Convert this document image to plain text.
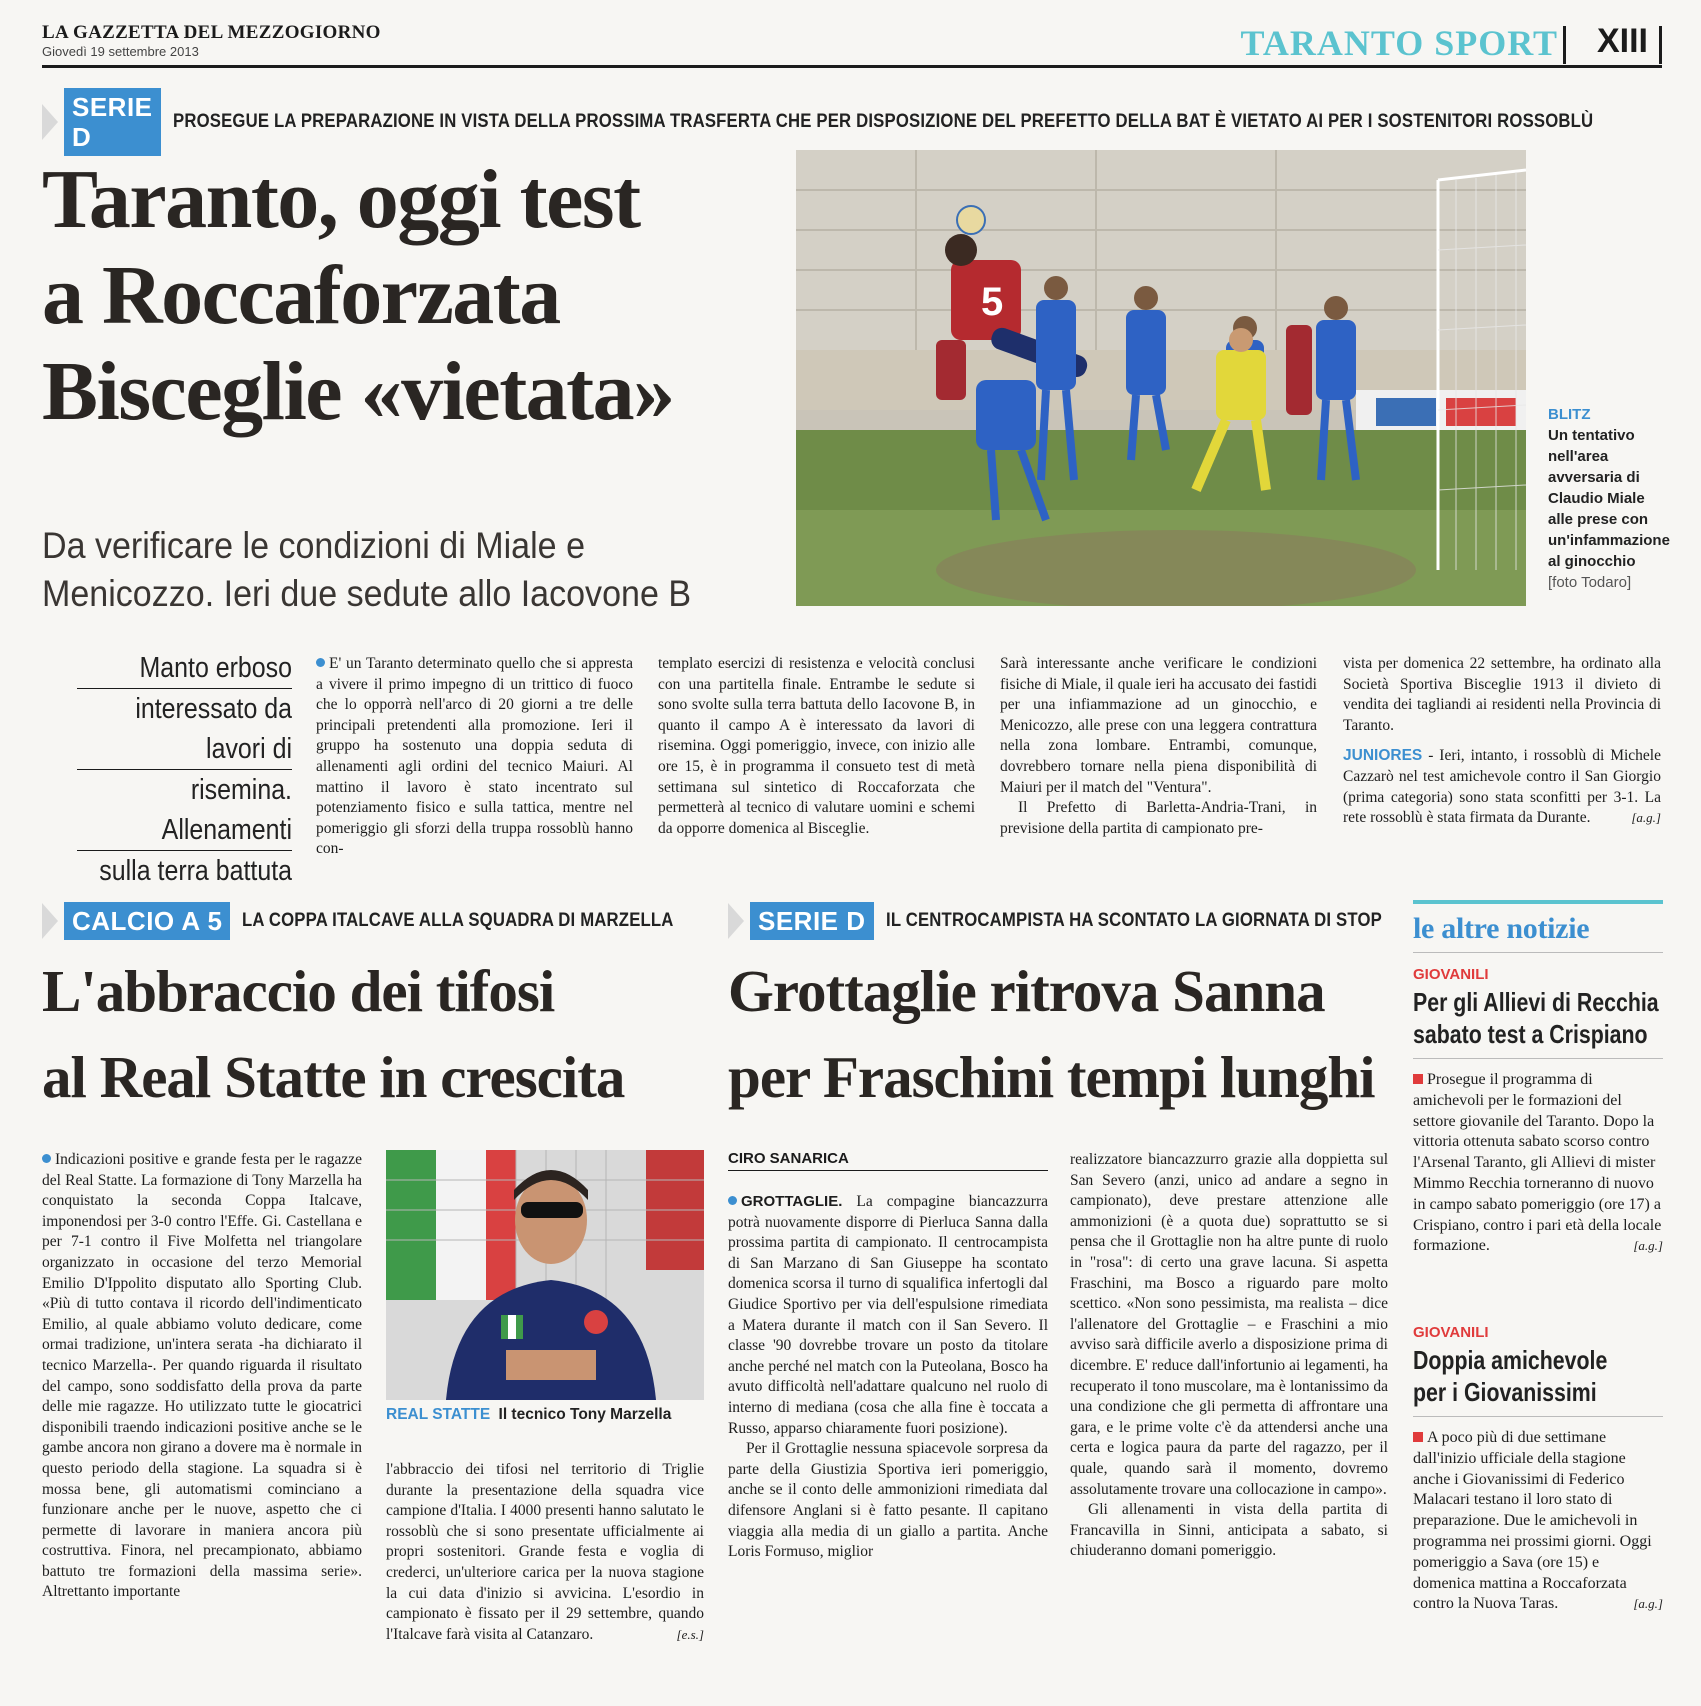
LA GAZZETTA DEL MEZZOGIORNO
Giovedì 19 settembre 2013	TARANTO SPORT XIII
SERIE D
PROSEGUE LA PREPARAZIONE IN VISTA DELLA PROSSIMA TRASFERTA CHE PER DISPOSIZIONE DEL PREFETTO DELLA BAT È VIETATO AI PER I SOSTENITORI ROSSOBLÙ
Taranto, oggi test
a Roccaforzata
Bisceglie «vietata»
Da verificare le condizioni di Miale e
Menicozzo. Ieri due sedute allo Iacovone B
5
BLITZ
Un tentativo nell'area avversaria di Claudio Miale alle prese con un'infammazione al ginocchio [foto Todaro]
Manto erboso
interessato da lavori di
risemina. Allenamenti
sulla terra battuta

E' un Taranto determinato quello che si appresta a vivere il primo impegno di un trittico di fuoco che lo opporrà nell'arco di 20 giorni a tre delle principali pretendenti alla promozione. Ieri il gruppo ha sostenuto una doppia seduta di allenamenti agli ordini del tecnico Maiuri. Al mattino il lavoro è stato incentrato sul potenziamento fisico e sulla tattica, mentre nel pomeriggio gli sforzi della truppa rossoblù hanno con-

templato esercizi di resistenza e velocità conclusi con una partitella finale. Entrambe le sedute si sono svolte sulla terra battuta dello Iacovone B, in quanto il campo A è interessato da lavori di risemina. Oggi pomeriggio, invece, con inizio alle ore 15, è in programma il consueto test di metà settimana sul sintetico di Roccaforzata che permetterà al tecnico di valutare uomini e schemi da opporre domenica al Bisceglie.

Sarà interessante anche verificare le condizioni fisiche di Miale, il quale ieri ha accusato dei fastidi per una infiammazione ad un ginocchio, e Menicozzo, alle prese con una leggera contrattura nella zona lombare. Entrambi, comunque, dovrebbero tornare nella piena disponibilità di Maiuri per il match del "Ventura".

Il Prefetto di Barletta-Andria-Trani, in previsione della partita di campionato pre-

vista per domenica 22 settembre, ha ordinato alla Società Sportiva Bisceglie 1913 il divieto di vendita dei tagliandi ai residenti nella Provincia di Taranto.

JUNIORES - Ieri, intanto, i rossoblù di Michele Cazzarò nel test amichevole contro il San Giorgio (prima categoria) sono stata sconfitti per 3-1. La rete rossoblù è stata firmata da Durante.	[a.g.]

CALCIO A 5	LA COPPA ITALCAVE ALLA SQUADRA DI MARZELLA
L'abbraccio dei tifosi
al Real Statte in crescita

Indicazioni positive e grande festa per le ragazze del Real Statte. La formazione di Tony Marzella ha conquistato la seconda Coppa Italcave, imponendosi per 3-0 contro l'Effe. Gi. Castellana e per 7-1 contro il Five Molfetta nel triangolare organizzato in occasione del terzo Memorial Emilio D'Ippolito disputato allo Sporting Club. «Più di tutto contava il ricordo dell'indimenticato Emilio, al quale abbiamo voluto dedicare, come ormai tradizione, un'intera serata -ha dichiarato il tecnico Marzella-. Per quando riguarda il risultato del campo, sono soddisfatto della prova da parte delle mie ragazze. Ho utilizzato tutte le giocatrici disponibili traendo indicazioni positive anche se le gambe ancora non girano a dovere ma è normale in questo periodo della stagione. La squadra si è mossa bene, gli automatismi cominciano a funzionare anche per le nuove, aspetto che ci permette di lavorare in maniera ancora più costruttiva. Finora, nel precampionato, abbiamo battuto tre formazioni della massima serie». Altrettanto importante

REAL STATTE Il tecnico Tony Marzella

l'abbraccio dei tifosi nel territorio di Triglie durante la presentazione della squadra vice campione d'Italia. I 4000 presenti hanno salutato le rossoblù che si sono presentate ufficialmente ai propri sostenitori. Grande festa e voglia di crederci, un'ulteriore carica per la nuova stagione la cui data d'inizio si avvicina. L'esordio in campionato è fissato per il 29 settembre, quando l'Italcave farà visita al Catanzaro.	[e.s.]

SERIE D	IL CENTROCAMPISTA HA SCONTATO LA GIORNATA DI STOP
Grottaglie ritrova Sanna
per Fraschini tempi lunghi
CIRO SANARICA

GROTTAGLIE. La compagine biancazzurra potrà nuovamente disporre di Pierluca Sanna dalla prossima partita di campionato. Il centrocampista di San Marzano di San Giuseppe ha scontato domenica scorsa il turno di squalifica infertogli dal Giudice Sportivo per via dell'espulsione rimediata a Matera durante il match con il San Severo. Il classe '90 dovrebbe trovare un posto da titolare anche perché nel match con la Puteolana, Bosco ha avuto difficoltà nell'adattare qualcuno nel ruolo di interno di mediana (cosa che alla fine è toccata a Russo, apparso chiaramente fuori posizione).

Per il Grottaglie nessuna spiacevole sorpresa da parte della Giustizia Sportiva ieri pomeriggio, anche se il conto delle ammonizioni rimediata dal difensore Anglani si è fatto pesante. Il capitano viaggia alla media di un giallo a partita. Anche Loris Formuso, miglior

realizzatore biancazzurro grazie alla doppietta sul San Severo (anzi, unico ad andare a segno in campionato), deve prestare attenzione alle ammonizioni (è a quota due) soprattutto se si pensa che il Grottaglie non ha altre punte di ruolo in "rosa": di certo una grave lacuna. Si aspetta Fraschini, ma Bosco a riguardo pare molto scettico. «Non sono pessimista, ma realista – dice l'allenatore del Grottaglie – e Fraschini a mio avviso sarà difficile averlo a disposizione prima di dicembre. E' reduce dall'infortunio ai legamenti, ha recuperato il tono muscolare, ma è lontanissimo da una condizione che gli permetta di affrontare una gara, e le prime volte c'è da attendersi anche una certa e logica paura da parte del ragazzo, per il quale, quando sarà il momento, dovremo assolutamente trovare una collocazione in campo».

Gli allenamenti in vista della partita di Francavilla in Sinni, anticipata a sabato, si chiuderanno domani pomeriggio.

le altre notizie
GIOVANILI
Per gli Allievi di Recchia
sabato test a Crispiano
Prosegue il programma di amichevoli per le formazioni del settore giovanile del Taranto. Dopo la vittoria ottenuta sabato scorso contro l'Arsenal Taranto, gli Allievi di mister Mimmo Recchia torneranno di nuovo in campo sabato pomeriggio (ore 17) a Crispiano, contro i pari età della locale formazione.	[a.g.]
GIOVANILI
Doppia amichevole
per i Giovanissimi
A poco più di due settimane dall'inizio ufficiale della stagione anche i Giovanissimi di Federico Malacari testano il loro stato di preparazione. Due le amichevoli in programma nei prossimi giorni. Oggi pomeriggio a Sava (ore 15) e domenica mattina a Roccaforzata contro la Nuova Taras.	[a.g.]
